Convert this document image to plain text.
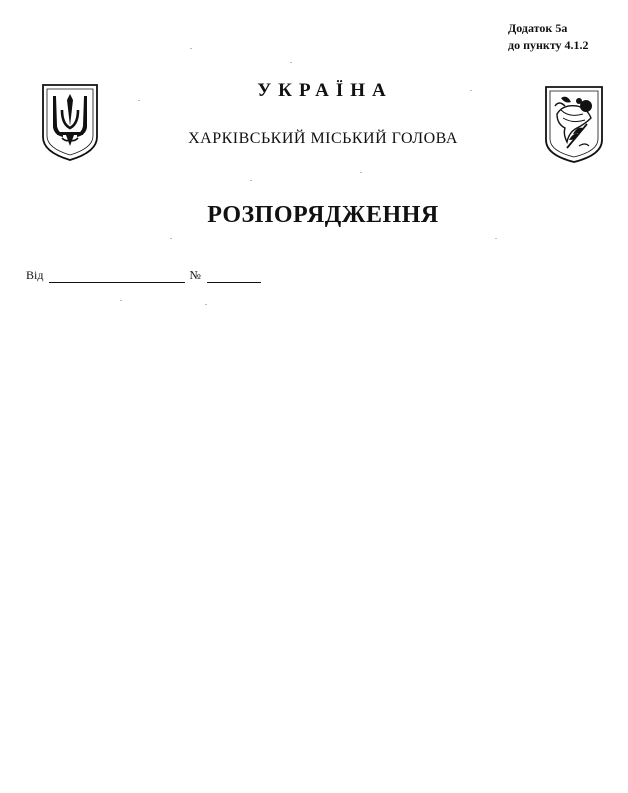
Додаток 5а
до пункту 4.1.2
УКРАЇНА
ХАРКІВСЬКИЙ МІСЬКИЙ ГОЛОВА
РОЗПОРЯДЖЕННЯ
Від	№
